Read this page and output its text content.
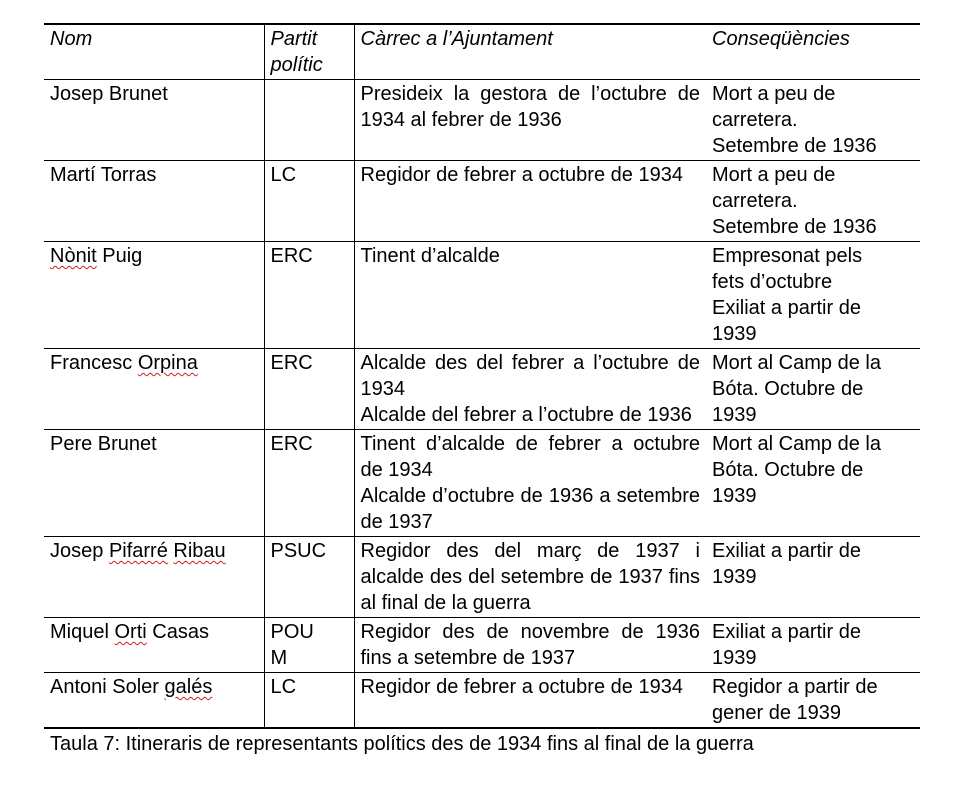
Nom	Partit
polític	Càrrec a l’Ajuntament	Conseqüències
Josep Brunet		Presideix la gestora de l’octubre de 1934 al febrer de 1936	Mort a peu de
carretera.
Setembre de 1936

Martí Torras	LC	Regidor de febrer a octubre de 1934	Mort a peu de
carretera.
Setembre de 1936

Nònit Puig	ERC	Tinent d’alcalde	Empresonat pels
fets d’octubre
Exiliat a partir de
1939

Francesc Orpina	ERC	Alcalde des del febrer a l’octubre de 1934
Alcalde del febrer a l’octubre de 1936	Mort al Camp de la
Bóta. Octubre de
1939

Pere Brunet	ERC	Tinent d’alcalde de febrer a octubre de 1934
Alcalde d’octubre de 1936 a setembre de 1937	Mort al Camp de la
Bóta. Octubre de
1939

Josep Pifarré Ribau	PSUC	Regidor des del març de 1937 i alcalde des del setembre de 1937 fins al final de la guerra	Exiliat a partir de
1939

Miquel Orti Casas	POU
M	Regidor des de novembre de 1936 fins a setembre de 1937	Exiliat a partir de
1939

Antoni Soler galés	LC	Regidor de febrer a octubre de 1934	Regidor a partir de
gener de 1939
Taula 7: Itineraris de representants polítics des de 1934 fins al final de la guerra
